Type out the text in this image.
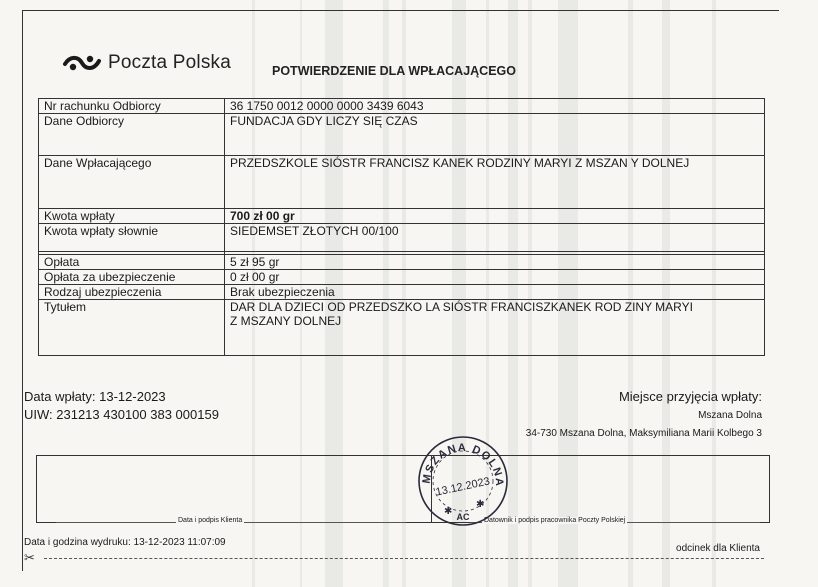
Poczta Polska	POTWIERDZENIE DLA WPŁACAJĄCEGO
Nr rachunku Odbiorcy	36 1750 0012 0000 0000 3439 6043
Dane Odbiorcy	FUNDACJA GDY LICZY SIĘ CZAS
Dane Wpłacającego	PRZEDSZKOLE SIÓSTR FRANCISZ KANEK RODZINY MARYI Z MSZAN Y DOLNEJ
Kwota wpłaty	700 zł 00 gr
Kwota wpłaty słownie	SIEDEMSET ZŁOTYCH 00/100

Opłata	5 zł 95 gr
Opłata za ubezpieczenie	0 zł 00 gr
Rodzaj ubezpieczenia	Brak ubezpieczenia
Tytułem	DAR DLA DZIECI OD PRZEDSZKO LA SIÓSTR FRANCISZKANEK ROD ZINY MARYI
Z MSZANY DOLNEJ
Data wpłaty: 13-12-2023
UIW: 231213 430100 383 000159
Miejsce przyjęcia wpłaty:
Mszana Dolna
34-730 Mszana Dolna, Maksymiliana Marii Kolbego 3
Data i podpis Klienta	Datownik i podpis pracownika Poczty Polskiej
MSZANA DOLNA
13.12.2023
AC
✱
✱
Data i godzina wydruku: 13-12-2023 11:07:09
✂
odcinek dla Klienta
